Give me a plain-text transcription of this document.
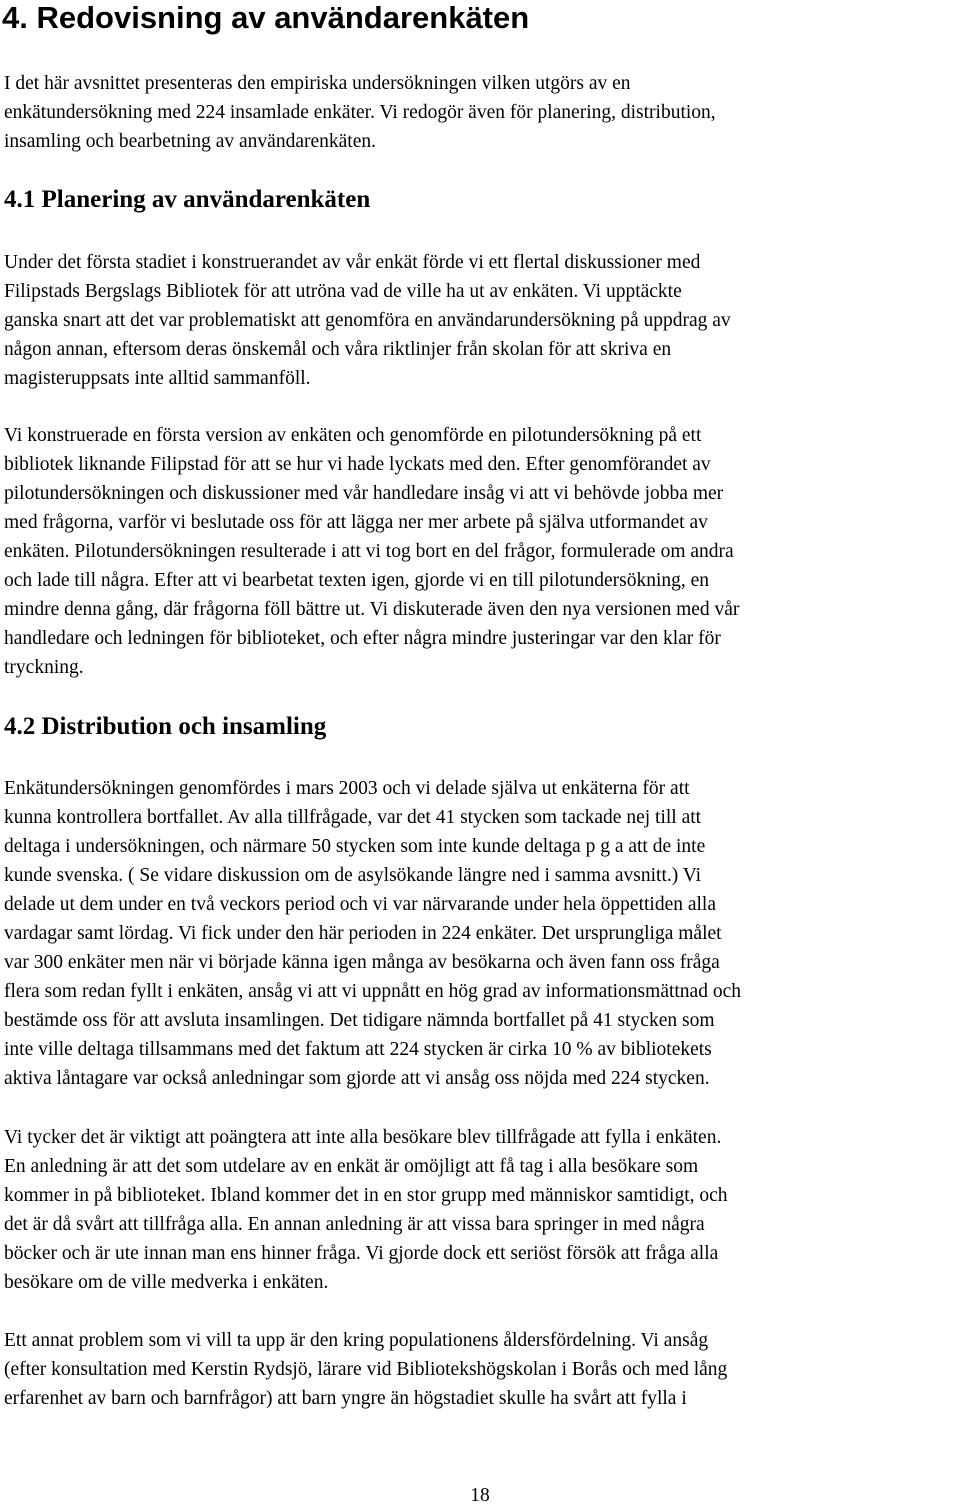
4. Redovisning av användarenkäten

I det här avsnittet presenteras den empiriska undersökningen vilken utgörs av en
enkätundersökning med 224 insamlade enkäter. Vi redogör även för planering, distribution,
insamling och bearbetning av användarenkäten.

4.1 Planering av användarenkäten

Under det första stadiet i konstruerandet av vår enkät förde vi ett flertal diskussioner med
Filipstads Bergslags Bibliotek för att utröna vad de ville ha ut av enkäten. Vi upptäckte
ganska snart att det var problematiskt att genomföra en användarundersökning på uppdrag av
någon annan, eftersom deras önskemål och våra riktlinjer från skolan för att skriva en
magisteruppsats inte alltid sammanföll.

Vi konstruerade en första version av enkäten och genomförde en pilotundersökning på ett
bibliotek liknande Filipstad för att se hur vi hade lyckats med den. Efter genomförandet av
pilotundersökningen och diskussioner med vår handledare insåg vi att vi behövde jobba mer
med frågorna, varför vi beslutade oss för att lägga ner mer arbete på själva utformandet av
enkäten. Pilotundersökningen resulterade i att vi tog bort en del frågor, formulerade om andra
och lade till några. Efter att vi bearbetat texten igen, gjorde vi en till pilotundersökning, en
mindre denna gång, där frågorna föll bättre ut. Vi diskuterade även den nya versionen med vår
handledare och ledningen för biblioteket, och efter några mindre justeringar var den klar för
tryckning.

4.2 Distribution och insamling

Enkätundersökningen genomfördes i mars 2003 och vi delade själva ut enkäterna för att
kunna kontrollera bortfallet. Av alla tillfrågade, var det 41 stycken som tackade nej till att
deltaga i undersökningen, och närmare 50 stycken som inte kunde deltaga p g a att de inte
kunde svenska. ( Se vidare diskussion om de asylsökande längre ned i samma avsnitt.) Vi
delade ut dem under en två veckors period och vi var närvarande under hela öppettiden alla
vardagar samt lördag. Vi fick under den här perioden in 224 enkäter. Det ursprungliga målet
var 300 enkäter men när vi började känna igen många av besökarna och även fann oss fråga
flera som redan fyllt i enkäten, ansåg vi att vi uppnått en hög grad av informationsmättnad och
bestämde oss för att avsluta insamlingen. Det tidigare nämnda bortfallet på 41 stycken som
inte ville deltaga tillsammans med det faktum att 224 stycken är cirka 10 % av bibliotekets
aktiva låntagare var också anledningar som gjorde att vi ansåg oss nöjda med 224 stycken.

Vi tycker det är viktigt att poängtera att inte alla besökare blev tillfrågade att fylla i enkäten.
En anledning är att det som utdelare av en enkät är omöjligt att få tag i alla besökare som
kommer in på biblioteket. Ibland kommer det in en stor grupp med människor samtidigt, och
det är då svårt att tillfråga alla. En annan anledning är att vissa bara springer in med några
böcker och är ute innan man ens hinner fråga. Vi gjorde dock ett seriöst försök att fråga alla
besökare om de ville medverka i enkäten.

Ett annat problem som vi vill ta upp är den kring populationens åldersfördelning. Vi ansåg
(efter konsultation med Kerstin Rydsjö, lärare vid Bibliotekshögskolan i Borås och med lång
erfarenhet av barn och barnfrågor) att barn yngre än högstadiet skulle ha svårt att fylla i

18
